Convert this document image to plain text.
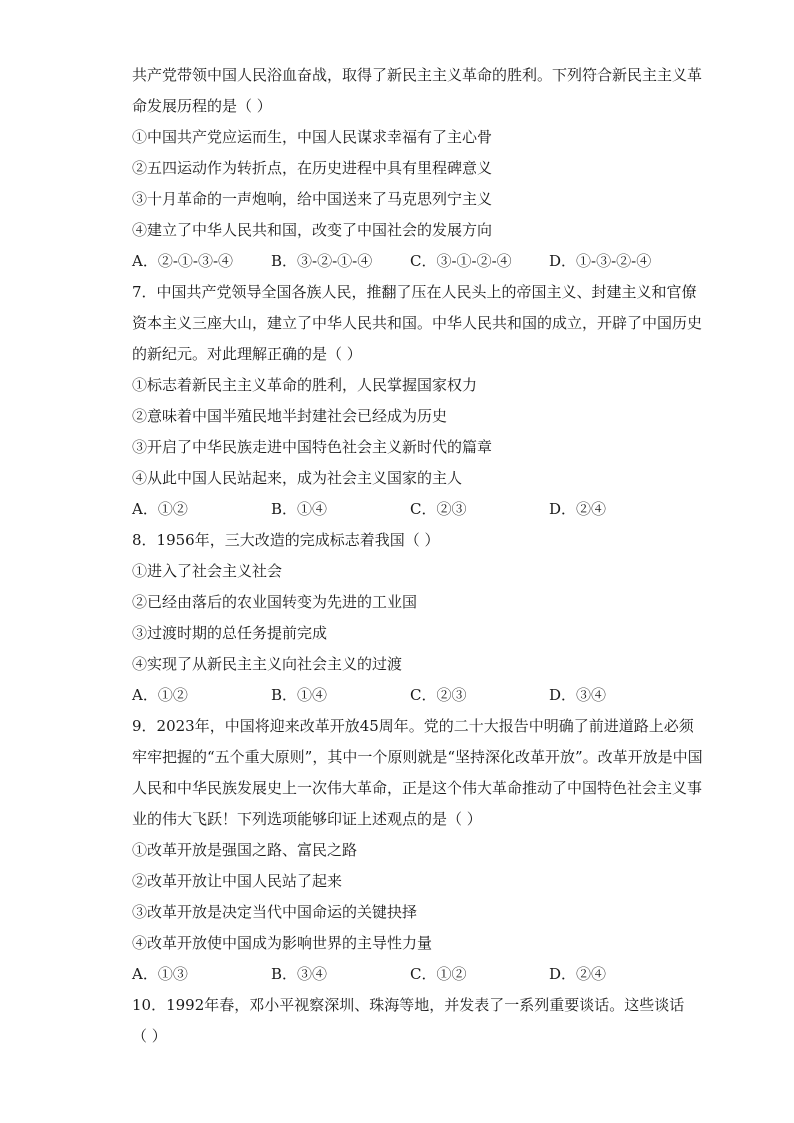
共产党带领中国人民浴血奋战，取得了新民主主义革命的胜利。下列符合新民主主义革
命发展历程的是（ ）
①中国共产党应运而生，中国人民谋求幸福有了主心骨
②五四运动作为转折点，在历史进程中具有里程碑意义
③十月革命的一声炮响，给中国送来了马克思列宁主义
④建立了中华人民共和国，改变了中国社会的发展方向
A．②-①-③-④	B．③-②-①-④	C．③-①-②-④	D．①-③-②-④
7．中国共产党领导全国各族人民，推翻了压在人民头上的帝国主义、封建主义和官僚
资本主义三座大山，建立了中华人民共和国。中华人民共和国的成立，开辟了中国历史
的新纪元。对此理解正确的是（ ）
①标志着新民主主义革命的胜利，人民掌握国家权力
②意味着中国半殖民地半封建社会已经成为历史
③开启了中华民族走进中国特色社会主义新时代的篇章
④从此中国人民站起来，成为社会主义国家的主人
A．①②	B．①④	C．②③	D．②④
8．1956年，三大改造的完成标志着我国（ ）
①进入了社会主义社会
②已经由落后的农业国转变为先进的工业国
③过渡时期的总任务提前完成
④实现了从新民主主义向社会主义的过渡
A．①②	B．①④	C．②③	D．③④
9．2023年，中国将迎来改革开放45周年。党的二十大报告中明确了前进道路上必须
牢牢把握的“五个重大原则”，其中一个原则就是“坚持深化改革开放”。改革开放是中国
人民和中华民族发展史上一次伟大革命，正是这个伟大革命推动了中国特色社会主义事
业的伟大飞跃！下列选项能够印证上述观点的是（ ）
①改革开放是强国之路、富民之路
②改革开放让中国人民站了起来
③改革开放是决定当代中国命运的关键抉择
④改革开放使中国成为影响世界的主导性力量
A．①③	B．③④	C．①②	D．②④
10．1992年春，邓小平视察深圳、珠海等地，并发表了一系列重要谈话。这些谈话
（ ）
